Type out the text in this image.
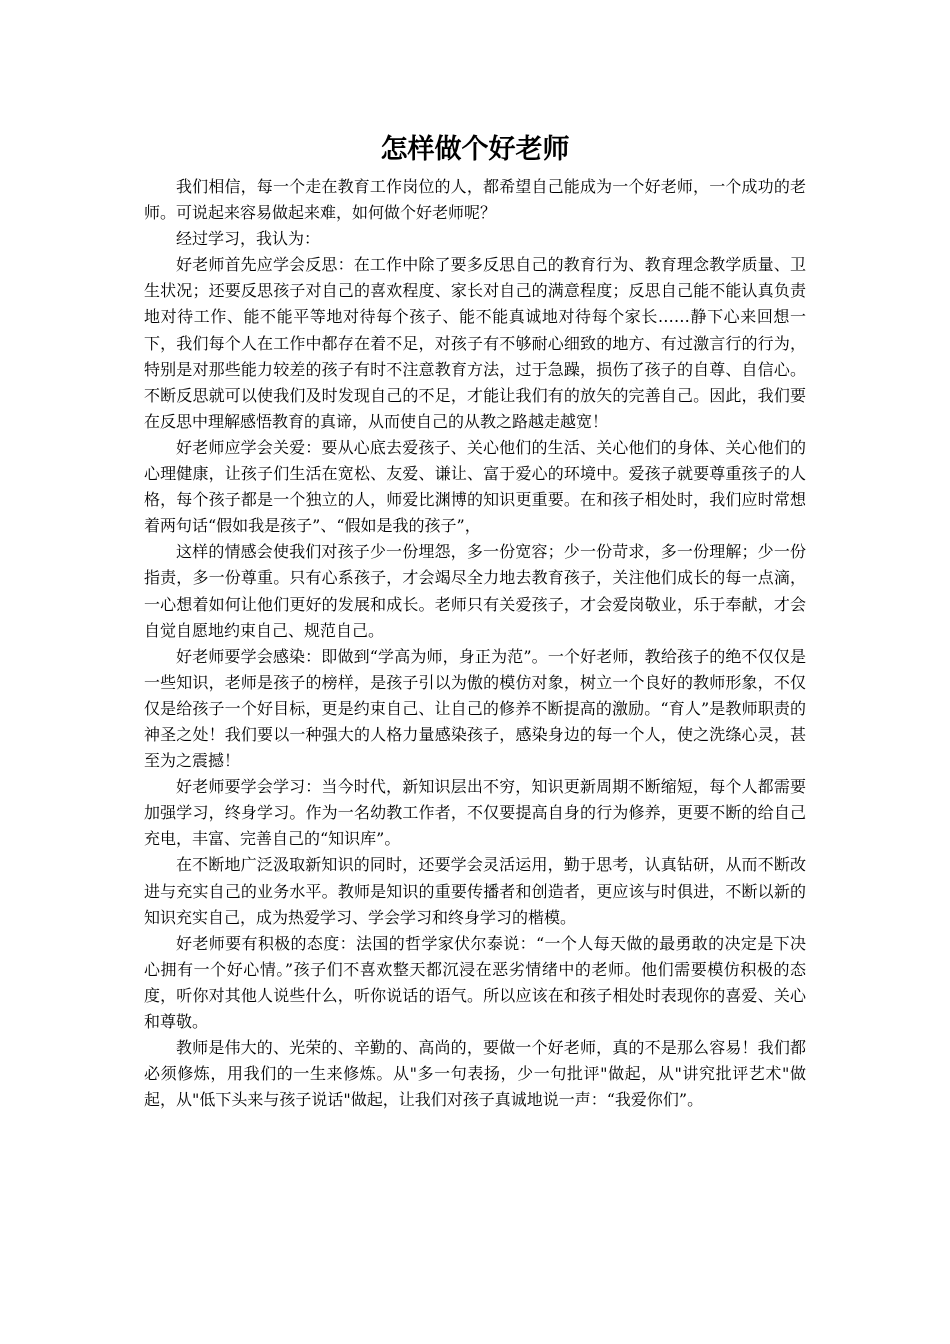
怎样做个好老师

我们相信，每一个走在教育工作岗位的人，都希望自己能成为一个好老师，一个成功的老师。可说起来容易做起来难，如何做个好老师呢？

经过学习，我认为：

好老师首先应学会反思：在工作中除了要多反思自己的教育行为、教育理念教学质量、卫生状况；还要反思孩子对自己的喜欢程度、家长对自己的满意程度；反思自己能不能认真负责地对待工作、能不能平等地对待每个孩子、能不能真诚地对待每个家长……静下心来回想一下，我们每个人在工作中都存在着不足，对孩子有不够耐心细致的地方、有过激言行的行为，特别是对那些能力较差的孩子有时不注意教育方法，过于急躁，损伤了孩子的自尊、自信心。不断反思就可以使我们及时发现自己的不足，才能让我们有的放矢的完善自己。因此，我们要在反思中理解感悟教育的真谛，从而使自己的从教之路越走越宽！

好老师应学会关爱：要从心底去爱孩子、关心他们的生活、关心他们的身体、关心他们的心理健康，让孩子们生活在宽松、友爱、谦让、富于爱心的环境中。爱孩子就要尊重孩子的人格，每个孩子都是一个独立的人，师爱比渊博的知识更重要。在和孩子相处时，我们应时常想着两句话“假如我是孩子”、“假如是我的孩子”，

这样的情感会使我们对孩子少一份埋怨，多一份宽容；少一份苛求，多一份理解；少一份指责，多一份尊重。只有心系孩子，才会竭尽全力地去教育孩子，关注他们成长的每一点滴，一心想着如何让他们更好的发展和成长。老师只有关爱孩子，才会爱岗敬业，乐于奉献，才会自觉自愿地约束自己、规范自己。

好老师要学会感染：即做到“学高为师，身正为范”。一个好老师，教给孩子的绝不仅仅是一些知识，老师是孩子的榜样，是孩子引以为傲的模仿对象，树立一个良好的教师形象，不仅仅是给孩子一个好目标，更是约束自己、让自己的修养不断提高的激励。“育人”是教师职责的神圣之处！我们要以一种强大的人格力量感染孩子，感染身边的每一个人，使之洗绦心灵，甚至为之震撼！

好老师要学会学习：当今时代，新知识层出不穷，知识更新周期不断缩短，每个人都需要加强学习，终身学习。作为一名幼教工作者，不仅要提高自身的行为修养，更要不断的给自己充电，丰富、完善自己的“知识库”。

在不断地广泛汲取新知识的同时，还要学会灵活运用，勤于思考，认真钻研，从而不断改进与充实自己的业务水平。教师是知识的重要传播者和创造者，更应该与时俱进，不断以新的知识充实自己，成为热爱学习、学会学习和终身学习的楷模。

好老师要有积极的态度：法国的哲学家伏尔泰说：“一个人每天做的最勇敢的决定是下决心拥有一个好心情。”孩子们不喜欢整天都沉浸在恶劣情绪中的老师。他们需要模仿积极的态度，听你对其他人说些什么，听你说话的语气。所以应该在和孩子相处时表现你的喜爱、关心和尊敬。

教师是伟大的、光荣的、辛勤的、高尚的，要做一个好老师，真的不是那么容易！我们都必须修炼，用我们的一生来修炼。从"多一句表扬，少一句批评"做起，从"讲究批评艺术"做起，从"低下头来与孩子说话"做起，让我们对孩子真诚地说一声：“我爱你们”。
